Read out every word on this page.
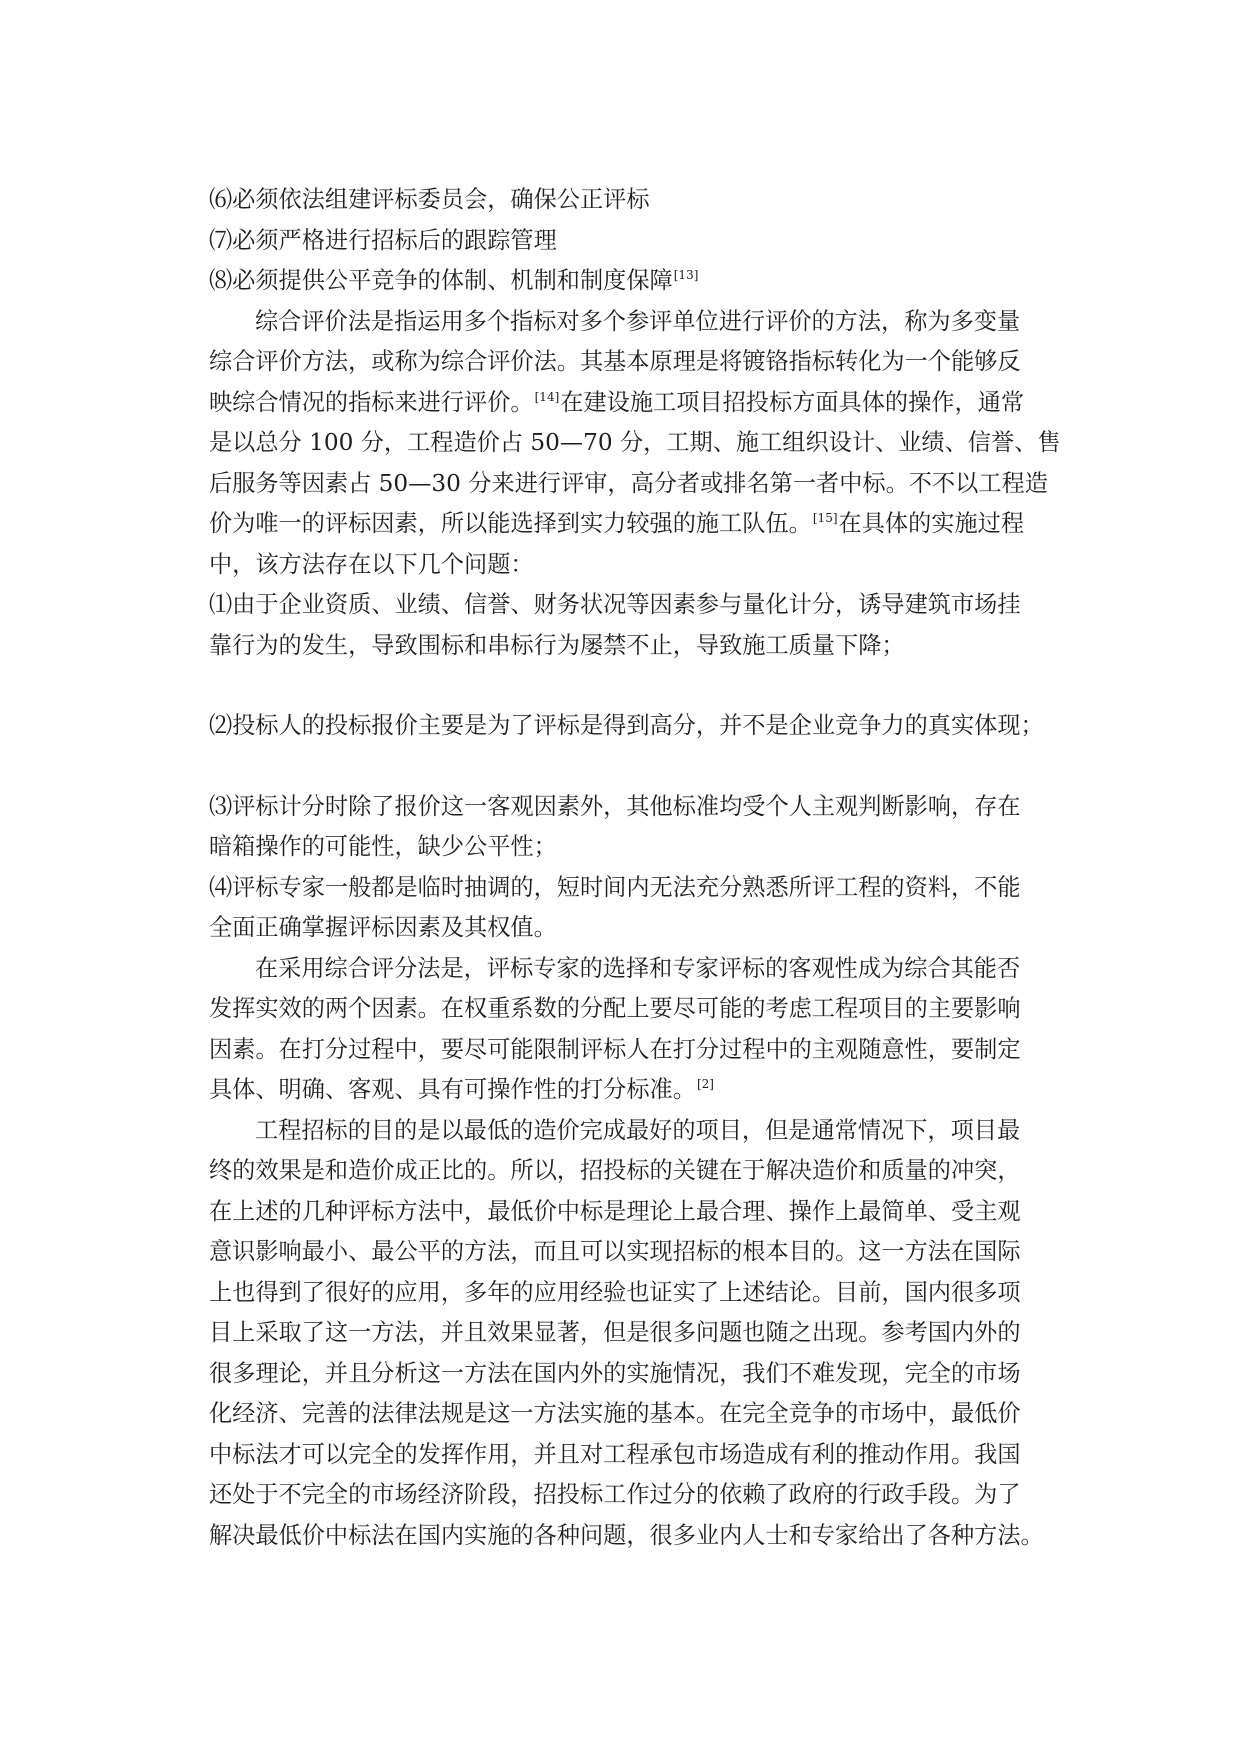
⑹必须依法组建评标委员会，确保公正评标

⑺必须严格进行招标后的跟踪管理

⑻必须提供公平竞争的体制、机制和制度保障[13]

综合评价法是指运用多个指标对多个参评单位进行评价的方法，称为多变量

综合评价方法，或称为综合评价法。其基本原理是将镀铬指标转化为一个能够反

映综合情况的指标来进行评价。[14]在建设施工项目招投标方面具体的操作，通常

是以总分 100 分，工程造价占 50—70 分，工期、施工组织设计、业绩、信誉、售

后服务等因素占 50—30 分来进行评审，高分者或排名第一者中标。不不以工程造

价为唯一的评标因素，所以能选择到实力较强的施工队伍。[15]在具体的实施过程

中，该方法存在以下几个问题：

⑴由于企业资质、业绩、信誉、财务状况等因素参与量化计分，诱导建筑市场挂

靠行为的发生，导致围标和串标行为屡禁不止，导致施工质量下降；

⑵投标人的投标报价主要是为了评标是得到高分，并不是企业竞争力的真实体现；

⑶评标计分时除了报价这一客观因素外，其他标准均受个人主观判断影响，存在

暗箱操作的可能性，缺少公平性；

⑷评标专家一般都是临时抽调的，短时间内无法充分熟悉所评工程的资料，不能

全面正确掌握评标因素及其权值。

在采用综合评分法是，评标专家的选择和专家评标的客观性成为综合其能否

发挥实效的两个因素。在权重系数的分配上要尽可能的考虑工程项目的主要影响

因素。在打分过程中，要尽可能限制评标人在打分过程中的主观随意性，要制定

具体、明确、客观、具有可操作性的打分标准。[2]

工程招标的目的是以最低的造价完成最好的项目，但是通常情况下，项目最

终的效果是和造价成正比的。所以，招投标的关键在于解决造价和质量的冲突，

在上述的几种评标方法中，最低价中标是理论上最合理、操作上最简单、受主观

意识影响最小、最公平的方法，而且可以实现招标的根本目的。这一方法在国际

上也得到了很好的应用，多年的应用经验也证实了上述结论。目前，国内很多项

目上采取了这一方法，并且效果显著，但是很多问题也随之出现。参考国内外的

很多理论，并且分析这一方法在国内外的实施情况，我们不难发现，完全的市场

化经济、完善的法律法规是这一方法实施的基本。在完全竞争的市场中，最低价

中标法才可以完全的发挥作用，并且对工程承包市场造成有利的推动作用。我国

还处于不完全的市场经济阶段，招投标工作过分的依赖了政府的行政手段。为了

解决最低价中标法在国内实施的各种问题，很多业内人士和专家给出了各种方法。
